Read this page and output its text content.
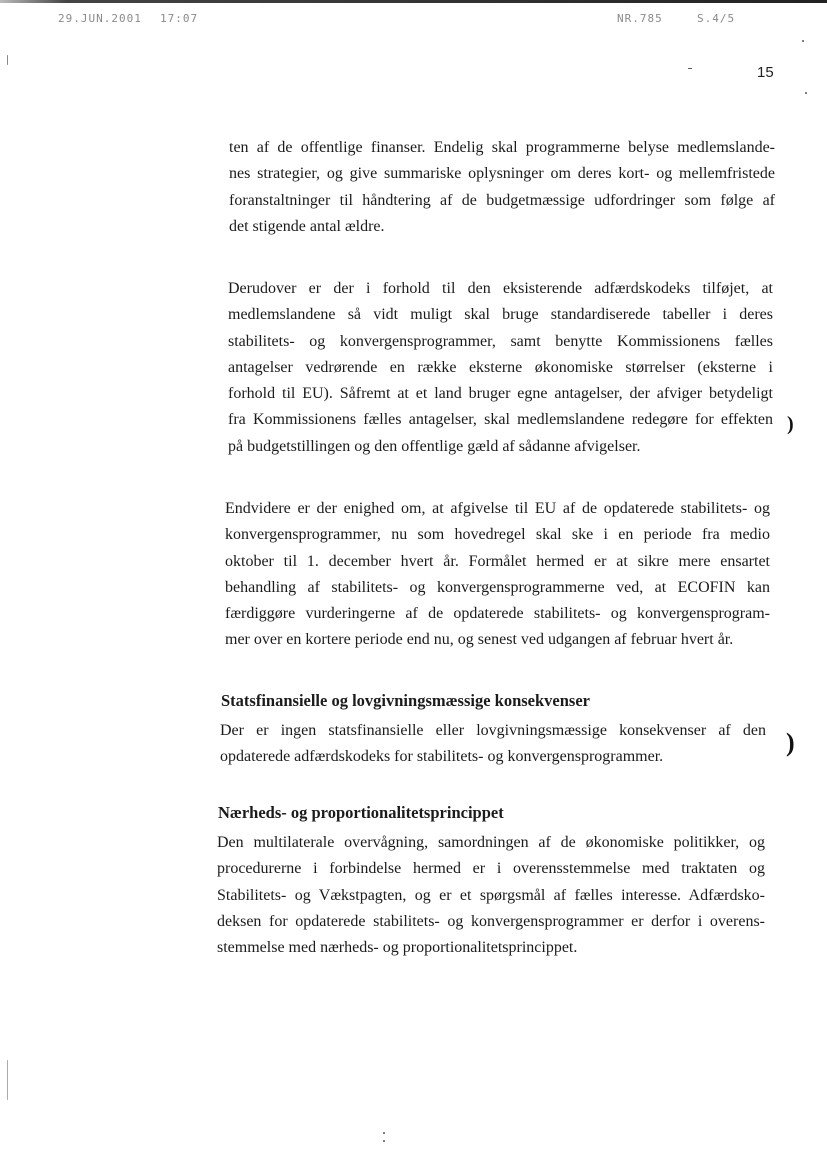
29.JUN.2001 17:07	NR.785	S.4/5
15
)
)

ten af de offentlige finanser. Endelig skal programmerne belyse medlemslande-
nes strategier, og give summariske oplysninger om deres kort- og mellemfristede
foranstaltninger til håndtering af de budgetmæssige udfordringer som følge af
det stigende antal ældre.

Derudover er der i forhold til den eksisterende adfærdskodeks tilføjet, at
medlemslandene så vidt muligt skal bruge standardiserede tabeller i deres
stabilitets- og konvergensprogrammer, samt benytte Kommissionens fælles
antagelser vedrørende en række eksterne økonomiske størrelser (eksterne i
forhold til EU). Såfremt at et land bruger egne antagelser, der afviger betydeligt
fra Kommissionens fælles antagelser, skal medlemslandene redegøre for effekten
på budgetstillingen og den offentlige gæld af sådanne afvigelser.

Endvidere er der enighed om, at afgivelse til EU af de opdaterede stabilitets- og
konvergensprogrammer, nu som hovedregel skal ske i en periode fra medio
oktober til 1. december hvert år. Formålet hermed er at sikre mere ensartet
behandling af stabilitets- og konvergensprogrammerne ved, at ECOFIN kan
færdiggøre vurderingerne af de opdaterede stabilitets- og konvergensprogram-
mer over en kortere periode end nu, og senest ved udgangen af februar hvert år.

Statsfinansielle og lovgivningsmæssige konsekvenser

Der er ingen statsfinansielle eller lovgivningsmæssige konsekvenser af den
opdaterede adfærdskodeks for stabilitets- og konvergensprogrammer.

Nærheds- og proportionalitetsprincippet

Den multilaterale overvågning, samordningen af de økonomiske politikker, og
procedurerne i forbindelse hermed er i overensstemmelse med traktaten og
Stabilitets- og Vækstpagten, og er et spørgsmål af fælles interesse. Adfærdsko-
deksen for opdaterede stabilitets- og konvergensprogrammer er derfor i overens-
stemmelse med nærheds- og proportionalitetsprincippet.
